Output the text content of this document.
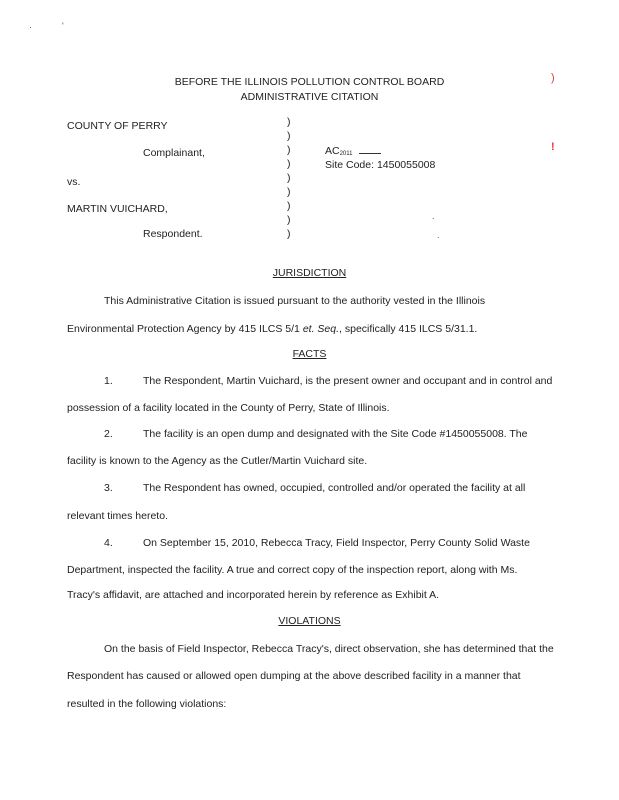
·	'
)
!
.
.
BEFORE THE ILLINOIS POLLUTION CONTROL BOARD
ADMINISTRATIVE CITATION
COUNTY OF PERRY
Complainant,
vs.
MARTIN VUICHARD,
Respondent.
)
)
)
)
)
)
)
)
)
AC2011
Site Code: 1450055008
JURISDICTION
This Administrative Citation is issued pursuant to the authority vested in the Illinois
Environmental Protection Agency by 415 ILCS 5/1 et. Seq., specifically 415 ILCS 5/31.1.
FACTS
1.	The Respondent, Martin Vuichard, is the present owner and occupant and in control and
possession of a facility located in the County of Perry, State of Illinois.
2.	The facility is an open dump and designated with the Site Code #1450055008. The
facility is known to the Agency as the Cutler/Martin Vuichard site.
3.	The Respondent has owned, occupied, controlled and/or operated the facility at all
relevant times hereto.
4.	On September 15, 2010, Rebecca Tracy, Field Inspector, Perry County Solid Waste
Department, inspected the facility. A true and correct copy of the inspection report, along with Ms.
Tracy's affidavit, are attached and incorporated herein by reference as Exhibit A.
VIOLATIONS
On the basis of Field Inspector, Rebecca Tracy's, direct observation, she has determined that the
Respondent has caused or allowed open dumping at the above described facility in a manner that
resulted in the following violations:
